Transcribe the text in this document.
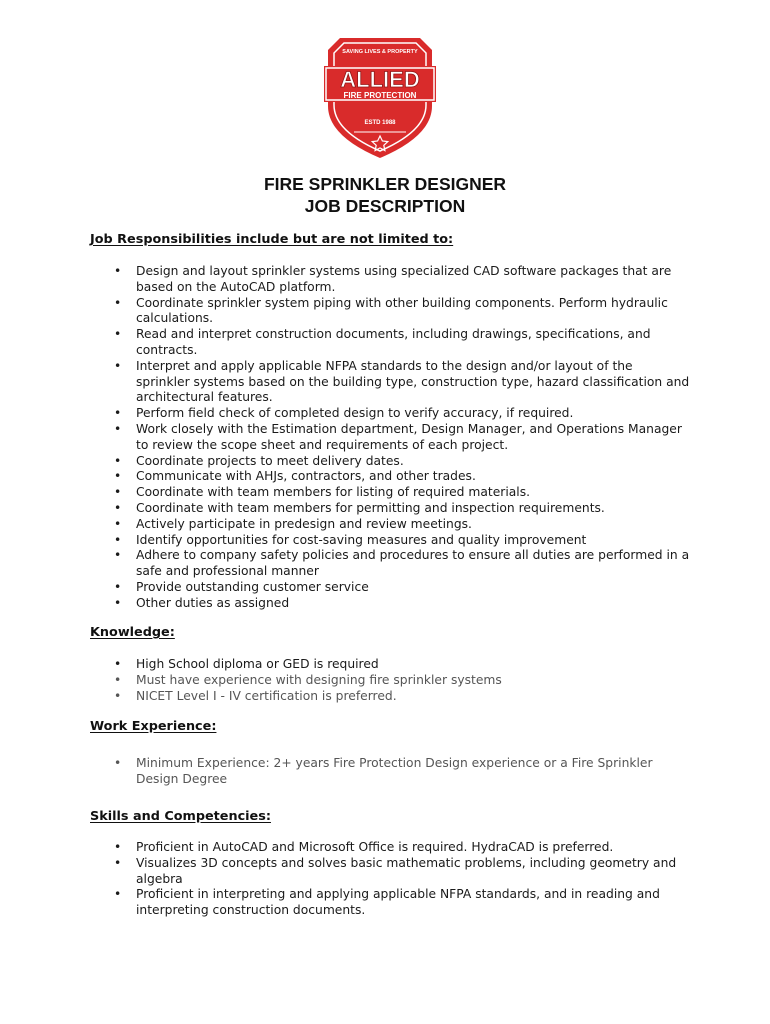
SAVING LIVES & PROPERTY
ALLIED
FIRE PROTECTION
ESTD 1988
FIRE SPRINKLER DESIGNER
JOB DESCRIPTION
Job Responsibilities include but are not limited to:
• Design and layout sprinkler systems using specialized CAD software packages that are based on the AutoCAD platform.
• Coordinate sprinkler system piping with other building components. Perform hydraulic calculations.
• Read and interpret construction documents, including drawings, specifications, and contracts.
• Interpret and apply applicable NFPA standards to the design and/or layout of the sprinkler systems based on the building type, construction type, hazard classification and architectural features.
• Perform field check of completed design to verify accuracy, if required.
• Work closely with the Estimation department, Design Manager, and Operations Manager to review the scope sheet and requirements of each project.
• Coordinate projects to meet delivery dates.
• Communicate with AHJs, contractors, and other trades.
• Coordinate with team members for listing of required materials.
• Coordinate with team members for permitting and inspection requirements.
• Actively participate in predesign and review meetings.
• Identify opportunities for cost-saving measures and quality improvement
• Adhere to company safety policies and procedures to ensure all duties are performed in a safe and professional manner
• Provide outstanding customer service
• Other duties as assigned
Knowledge:
• High School diploma or GED is required
• Must have experience with designing fire sprinkler systems
• NICET Level I - IV certification is preferred.
Work Experience:
• Minimum Experience: 2+ years Fire Protection Design experience or a Fire Sprinkler Design Degree
Skills and Competencies:
• Proficient in AutoCAD and Microsoft Office is required. HydraCAD is preferred.
• Visualizes 3D concepts and solves basic mathematic problems, including geometry and algebra
• Proficient in interpreting and applying applicable NFPA standards, and in reading and interpreting construction documents.
